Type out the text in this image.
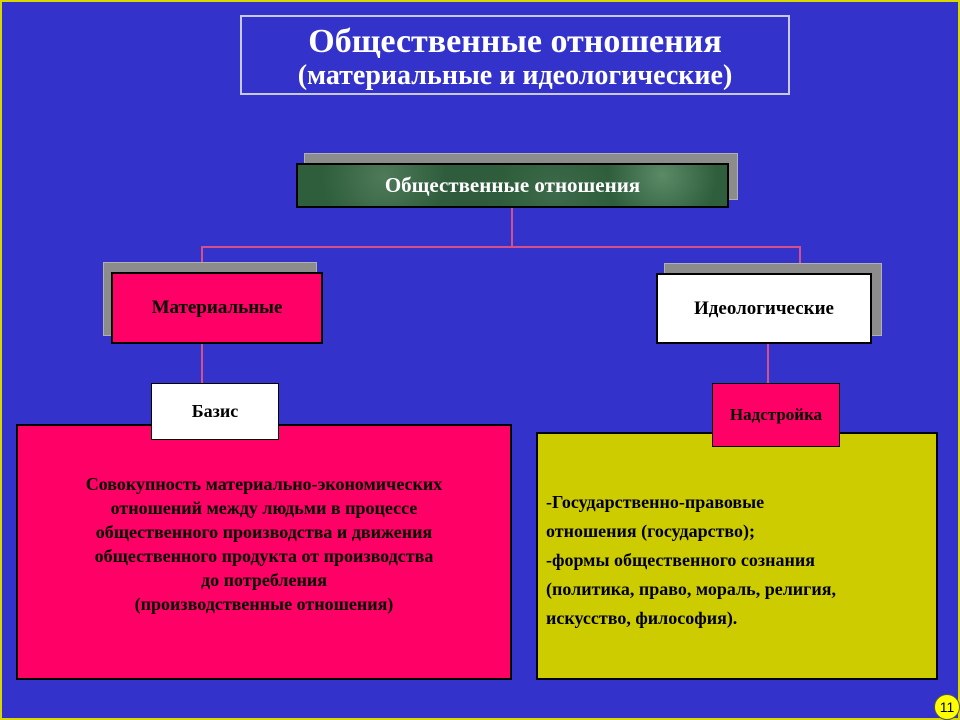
Общественные отношения
(материальные и идеологические)
Общественные отношения
Материальные	Идеологические
Совокупность материально-экономических
отношений между людьми в процессе
общественного производства и движения
общественного продукта от производства
до потребления
(производственные отношения)
-Государственно-правовые
отношения (государство);
-формы общественного сознания
(политика, право, мораль, религия,
искусство, философия).
Базис	Надстройка
11
